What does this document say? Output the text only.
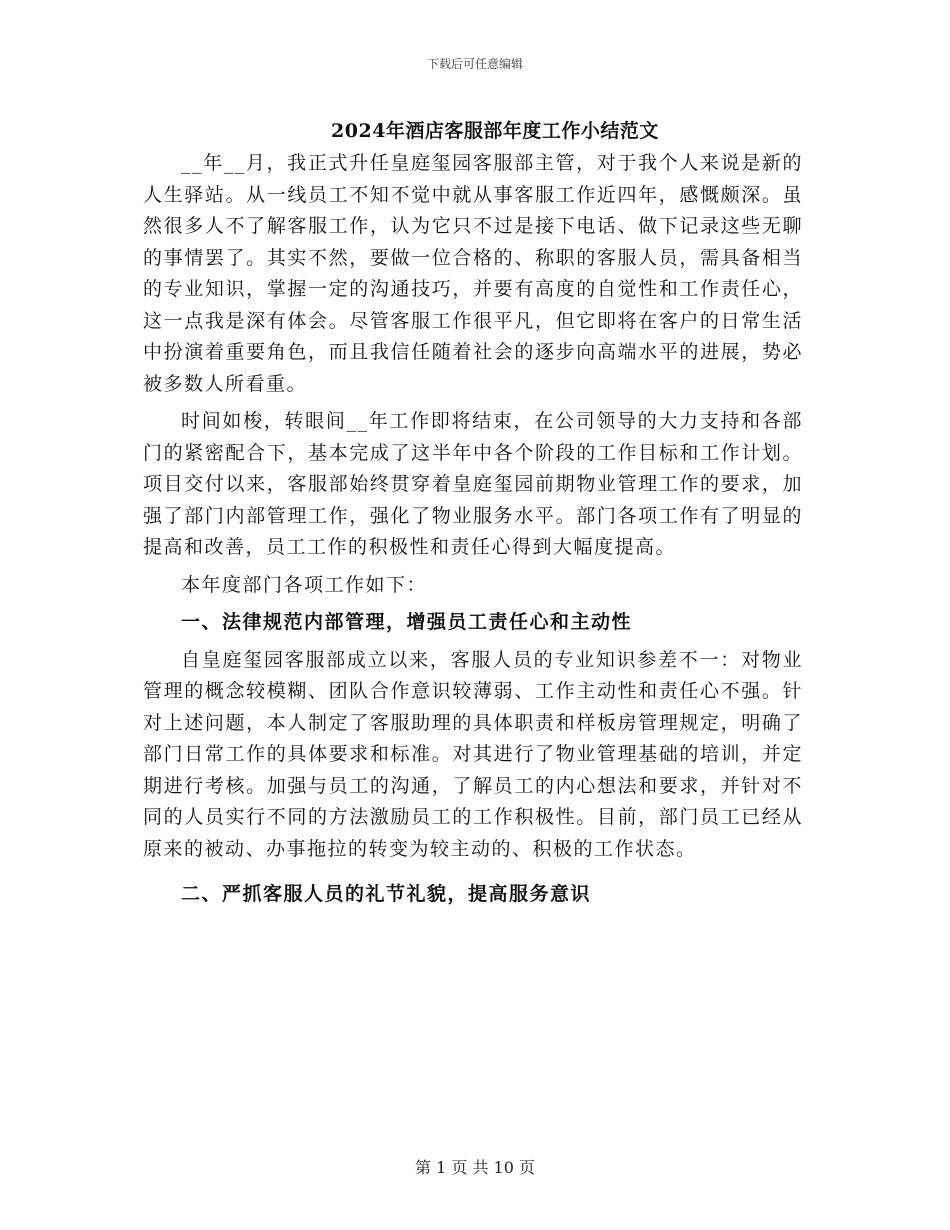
下载后可任意编辑
2024年酒店客服部年度工作小结范文

__年__月，我正式升任皇庭玺园客服部主管，对于我个人来说是新的人生驿站。从一线员工不知不觉中就从事客服工作近四年，感慨颇深。虽然很多人不了解客服工作，认为它只不过是接下电话、做下记录这些无聊的事情罢了。其实不然，要做一位合格的、称职的客服人员，需具备相当的专业知识，掌握一定的沟通技巧，并要有高度的自觉性和工作责任心，这一点我是深有体会。尽管客服工作很平凡，但它即将在客户的日常生活中扮演着重要角色，而且我信任随着社会的逐步向高端水平的进展，势必被多数人所看重。

时间如梭，转眼间__年工作即将结束，在公司领导的大力支持和各部门的紧密配合下，基本完成了这半年中各个阶段的工作目标和工作计划。项目交付以来，客服部始终贯穿着皇庭玺园前期物业管理工作的要求，加强了部门内部管理工作，强化了物业服务水平。部门各项工作有了明显的提高和改善，员工工作的积极性和责任心得到大幅度提高。

本年度部门各项工作如下：

一、法律规范内部管理，增强员工责任心和主动性

自皇庭玺园客服部成立以来，客服人员的专业知识参差不一：对物业管理的概念较模糊、团队合作意识较薄弱、工作主动性和责任心不强。针对上述问题，本人制定了客服助理的具体职责和样板房管理规定，明确了部门日常工作的具体要求和标准。对其进行了物业管理基础的培训，并定期进行考核。加强与员工的沟通，了解员工的内心想法和要求，并针对不同的人员实行不同的方法激励员工的工作积极性。目前，部门员工已经从原来的被动、办事拖拉的转变为较主动的、积极的工作状态。

二、严抓客服人员的礼节礼貌，提高服务意识

第 1 页 共 10 页
